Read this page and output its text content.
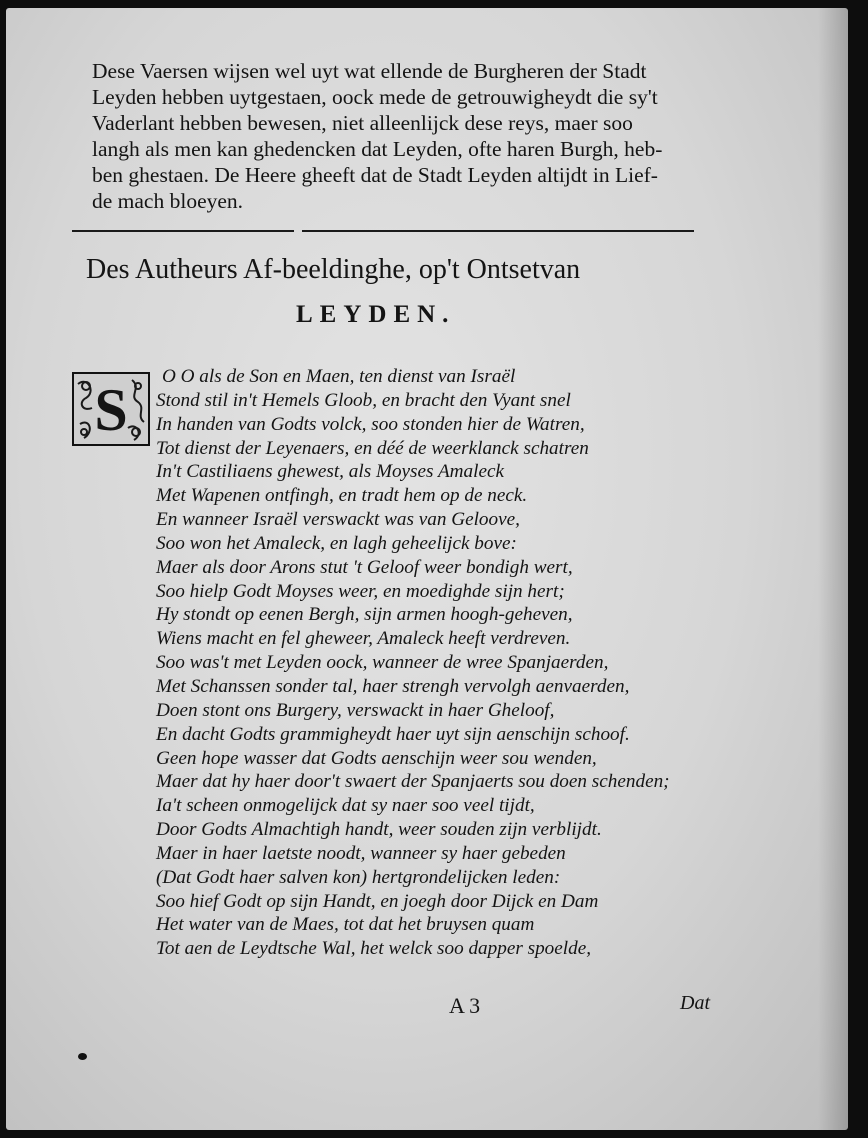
Dese Vaersen wijsen wel uyt wat ellende de Burgheren der Stadt
Leyden hebben uytgestaen, oock mede de getrouwigheydt die sy't
Vaderlant hebben bewesen, niet alleenlijck dese reys, maer soo
langh als men kan ghedencken dat Leyden, ofte haren Burgh, heb-
ben ghestaen. De Heere gheeft dat de Stadt Leyden altijdt in Lief-
de mach bloeyen.
Des Autheurs Af-beeldinghe, op't Ontsetvan
LEYDEN.
S
O O als de Son en Maen, ten dienst van Israël
Stond stil in't Hemels Gloob, en bracht den Vyant snel
In handen van Godts volck, soo stonden hier de Watren,
Tot dienst der Leyenaers, en déé de weerklanck schatren
In't Castiliaens ghewest, als Moyses Amaleck
Met Wapenen ontfingh, en tradt hem op de neck.
En wanneer Israël verswackt was van Geloove,
Soo won het Amaleck, en lagh geheelijck bove:
Maer als door Arons stut 't Geloof weer bondigh wert,
Soo hielp Godt Moyses weer, en moedighde sijn hert;
Hy stondt op eenen Bergh, sijn armen hoogh-geheven,
Wiens macht en fel gheweer, Amaleck heeft verdreven.
Soo was't met Leyden oock, wanneer de wree Spanjaerden,
Met Schanssen sonder tal, haer strengh vervolgh aenvaerden,
Doen stont ons Burgery, verswackt in haer Gheloof,
En dacht Godts grammigheydt haer uyt sijn aenschijn schoof.
Geen hope wasser dat Godts aenschijn weer sou wenden,
Maer dat hy haer door't swaert der Spanjaerts sou doen schenden;
Ia't scheen onmogelijck dat sy naer soo veel tijdt,
Door Godts Almachtigh handt, weer souden zijn verblijdt.
Maer in haer laetste noodt, wanneer sy haer gebeden
(Dat Godt haer salven kon) hertgrondelijcken leden:
Soo hief Godt op sijn Handt, en joegh door Dijck en Dam
Het water van de Maes, tot dat het bruysen quam
Tot aen de Leydtsche Wal, het welck soo dapper spoelde,
A 3	Dat
